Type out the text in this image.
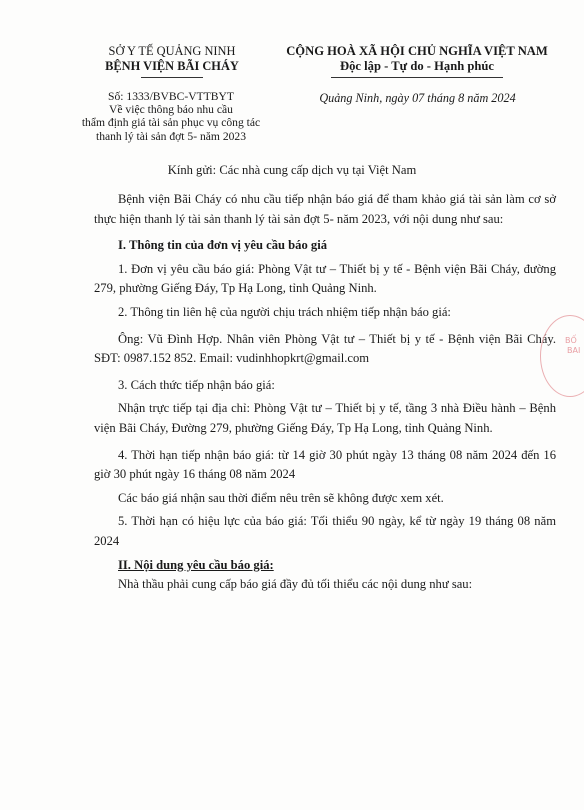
SỞ Y TẾ QUẢNG NINH
BỆNH VIỆN BÃI CHÁY
CỘNG HOÀ XÃ HỘI CHỦ NGHĨA VIỆT NAM
Độc lập - Tự do - Hạnh phúc
Số: 1333/BVBC-VTTBYT
Về việc thông báo nhu cầu
thẩm định giá tài sản phục vụ công tác
thanh lý tài sản đợt 5- năm 2023
Quảng Ninh, ngày 07 tháng 8 năm 2024
Kính gửi: Các nhà cung cấp dịch vụ tại Việt Nam

Bệnh viện Bãi Cháy có nhu cầu tiếp nhận báo giá để tham khảo giá tài sản làm cơ sở thực hiện thanh lý tài sản thanh lý tài sản đợt 5- năm 2023, với nội dung như sau:

I. Thông tin của đơn vị yêu cầu báo giá

1. Đơn vị yêu cầu báo giá: Phòng Vật tư – Thiết bị y tế - Bệnh viện Bãi Cháy, đường 279, phường Giếng Đáy, Tp Hạ Long, tỉnh Quảng Ninh.

2. Thông tin liên hệ của người chịu trách nhiệm tiếp nhận báo giá:

Ông: Vũ Đình Hợp. Nhân viên Phòng Vật tư – Thiết bị y tế - Bệnh viện Bãi Cháy. SĐT: 0987.152 852. Email: vudinhhopkrt@gmail.com

3. Cách thức tiếp nhận báo giá:

Nhận trực tiếp tại địa chỉ: Phòng Vật tư – Thiết bị y tế, tầng 3 nhà Điều hành – Bệnh viện Bãi Cháy, Đường 279, phường Giếng Đáy, Tp Hạ Long, tỉnh Quảng Ninh.

4. Thời hạn tiếp nhận báo giá: từ 14 giờ 30 phút ngày 13 tháng 08 năm 2024 đến 16 giờ 30 phút ngày 16 tháng 08 năm 2024

Các báo giá nhận sau thời điểm nêu trên sẽ không được xem xét.

5. Thời hạn có hiệu lực của báo giá: Tối thiểu 90 ngày, kể từ ngày 19 tháng 08 năm 2024

II. Nội dung yêu cầu báo giá:

Nhà thầu phải cung cấp báo giá đầy đủ tối thiểu các nội dung như sau:

BỐ
BAI
